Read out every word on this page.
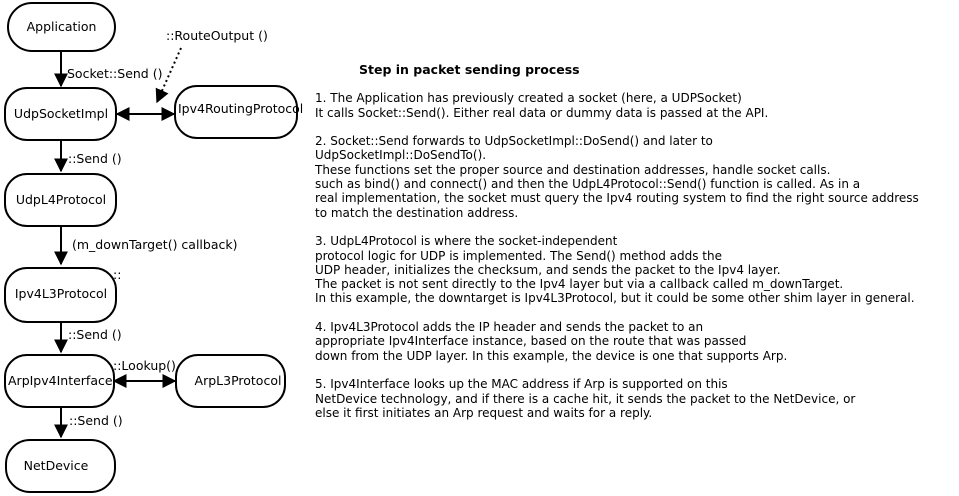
Application
UdpSocketImpl	Ipv4RoutingProtocol
UdpL4Protocol
Ipv4L3Protocol
ArpIpv4Interface	ArpL3Protocol
NetDevice
::RouteOutput ()
Socket::Send ()
::Send ()
(m_downTarget() callback)
::
::Send ()
::Lookup()
::Send ()
Step in packet sending process
1. The Application has previously created a socket (here, a UDPSocket)
It calls Socket::Send(). Either real data or dummy data is passed at the API.
2. Socket::Send forwards to UdpSocketImpl::DoSend() and later to
UdpSocketImpl::DoSendTo().
These functions set the proper source and destination addresses, handle socket calls.
such as bind() and connect() and then the UdpL4Protocol::Send() function is called. As in a
real implementation, the socket must query the Ipv4 routing system to find the right source address
to match the destination address.
3. UdpL4Protocol is where the socket-independent
protocol logic for UDP is implemented. The Send() method adds the
UDP header, initializes the checksum, and sends the packet to the Ipv4 layer.
The packet is not sent directly to the Ipv4 layer but via a callback called m_downTarget.
In this example, the downtarget is Ipv4L3Protocol, but it could be some other shim layer in general.
4. Ipv4L3Protocol adds the IP header and sends the packet to an
appropriate Ipv4Interface instance, based on the route that was passed
down from the UDP layer. In this example, the device is one that supports Arp.
5. Ipv4Interface looks up the MAC address if Arp is supported on this
NetDevice technology, and if there is a cache hit, it sends the packet to the NetDevice, or
else it first initiates an Arp request and waits for a reply.
